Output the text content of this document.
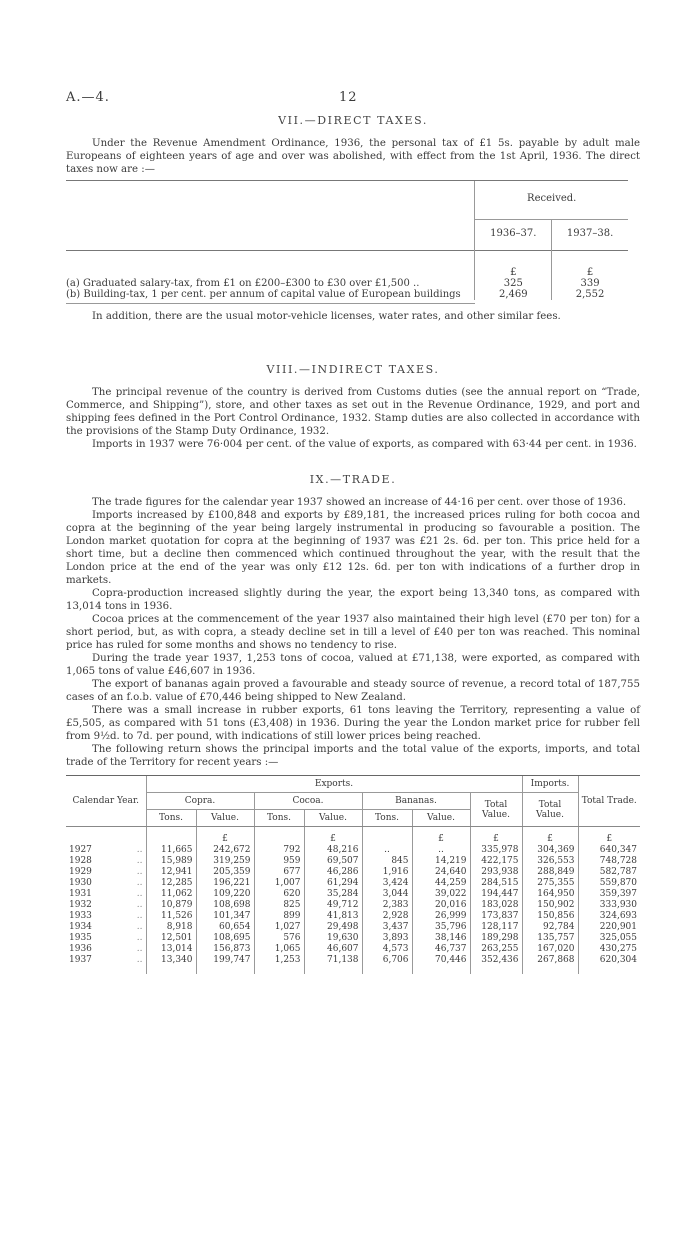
A.—4.	12
VII.—DIRECT TAXES.

Under the Revenue Amendment Ordinance, 1936, the personal tax of £1 5s. payable by adult male Europeans of eighteen years of age and over was abolished, with effect from the 1st April, 1936. The direct taxes now are :—

	Received.	
	1936–37.	1937–38.
	£	£
(a) Graduated salary-tax, from £1 on £200–£300 to £30 over £1,500 ..	325	339
(b) Building-tax, 1 per cent. per annum of capital value of European buildings	2,469	2,552

In addition, there are the usual motor-vehicle licenses, water rates, and other similar fees.

VIII.—INDIRECT TAXES.

The principal revenue of the country is derived from Customs duties (see the annual report on “Trade, Commerce, and Shipping”), store, and other taxes as set out in the Revenue Ordinance, 1929, and port and shipping fees defined in the Port Control Ordinance, 1932. Stamp duties are also collected in accordance with the provisions of the Stamp Duty Ordinance, 1932.

Imports in 1937 were 76·004 per cent. of the value of exports, as compared with 63·44 per cent. in 1936.

IX.—TRADE.

The trade figures for the calendar year 1937 showed an increase of 44·16 per cent. over those of 1936.

Imports increased by £100,848 and exports by £89,181, the increased prices ruling for both cocoa and copra at the beginning of the year being largely instrumental in producing so favourable a position. The London market quotation for copra at the beginning of 1937 was £21 2s. 6d. per ton. This price held for a short time, but a decline then commenced which continued throughout the year, with the result that the London price at the end of the year was only £12 12s. 6d. per ton with indications of a further drop in markets.

Copra-production increased slightly during the year, the export being 13,340 tons, as compared with 13,014 tons in 1936.

Cocoa prices at the commencement of the year 1937 also maintained their high level (£70 per ton) for a short period, but, as with copra, a steady decline set in till a level of £40 per ton was reached. This nominal price has ruled for some months and shows no tendency to rise.

During the trade year 1937, 1,253 tons of cocoa, valued at £71,138, were exported, as compared with 1,065 tons of value £46,607 in 1936.

The export of bananas again proved a favourable and steady source of revenue, a record total of 187,755 cases of an f.o.b. value of £70,446 being shipped to New Zealand.

There was a small increase in rubber exports, 61 tons leaving the Territory, representing a value of £5,505, as compared with 51 tons (£3,408) in 1936. During the year the London market price for rubber fell from 9½d. to 7d. per pound, with indications of still lower prices being reached.

The following return shows the principal imports and the total value of the exports, imports, and total trade of the Territory for recent years :—

Calendar Year.	Exports.							Imports.	Total Trade.
	Copra.		Cocoa.		Bananas.		Total Value.	Total Value.	
	Tons.	Value.	Tons.	Value.	Tons.	Value.			
		£		£		£	£	£	£
1927 ..	11,665	242,672	792	48,216	..	..	335,978	304,369	640,347
1928 ..	15,989	319,259	959	69,507	845	14,219	422,175	326,553	748,728
1929 ..	12,941	205,359	677	46,286	1,916	24,640	293,938	288,849	582,787
1930 ..	12,285	196,221	1,007	61,294	3,424	44,259	284,515	275,355	559,870
1931 ..	11,062	109,220	620	35,284	3,044	39,022	194,447	164,950	359,397
1932 ..	10,879	108,698	825	49,712	2,383	20,016	183,028	150,902	333,930
1933 ..	11,526	101,347	899	41,813	2,928	26,999	173,837	150,856	324,693
1934 ..	8,918	60,654	1,027	29,498	3,437	35,796	128,117	92,784	220,901
1935 ..	12,501	108,695	576	19,630	3,893	38,146	189,298	135,757	325,055
1936 ..	13,014	156,873	1,065	46,607	4,573	46,737	263,255	167,020	430,275
1937 ..	13,340	199,747	1,253	71,138	6,706	70,446	352,436	267,868	620,304
